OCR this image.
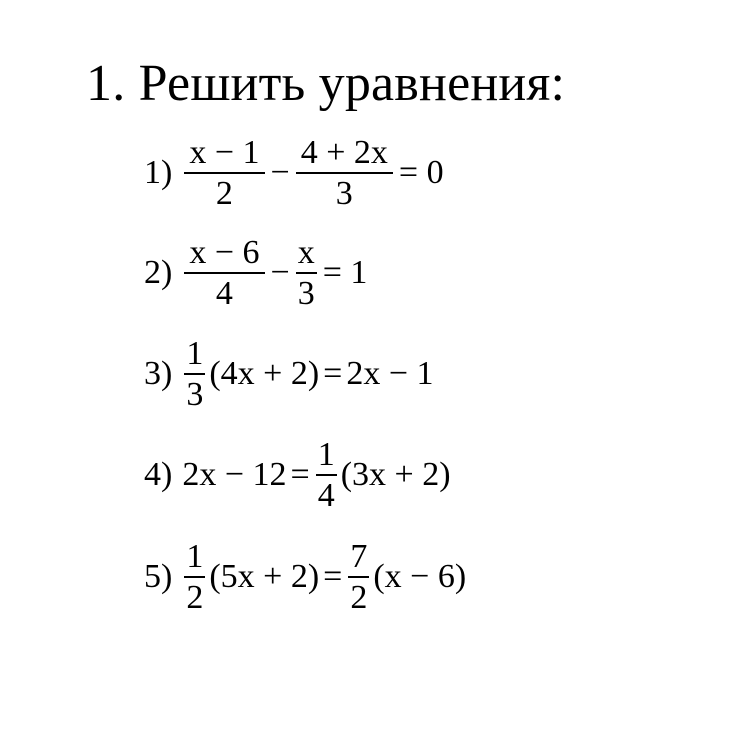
1. Решить уравнения:
$1) \frac{x - 1}{2} - \frac{4 + 2x}{3} = 0$
$2) \frac{x - 6}{4} - \frac{x}{3} = 1$
$3) \frac{1}{3} (4x + 2) = 2x - 1$
4) $2x - 12 = \frac{1}{4} (3x + 2)$
$5) \frac{1}{2} (5x + 2) = \frac{7}{2} (x - 6)$
